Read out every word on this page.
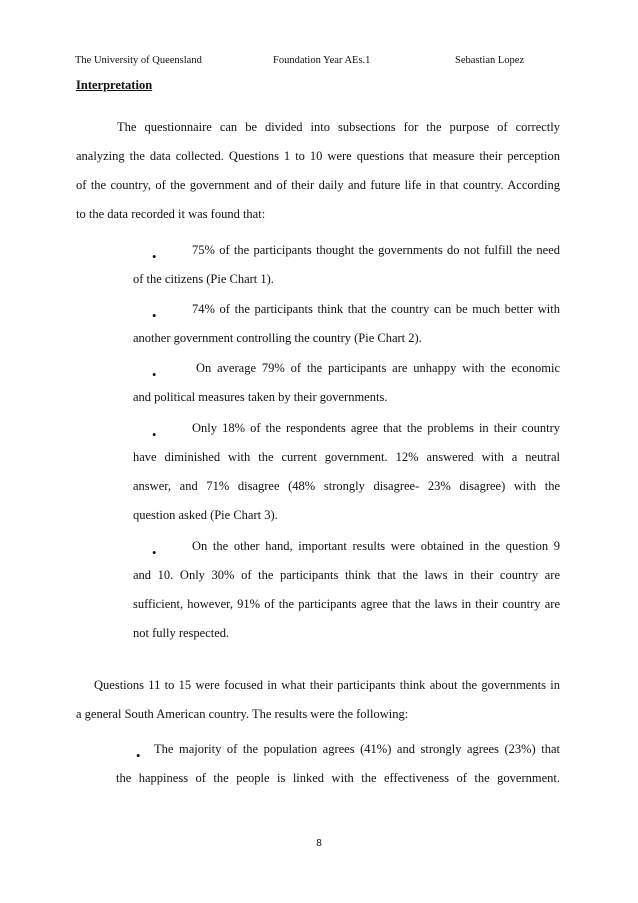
The University of Queensland	Foundation Year AEs.1	Sebastian Lopez
Interpretation
The questionnaire can be divided into subsections for the purpose of correctly
analyzing the data collected. Questions 1 to 10 were questions that measure their perception
of the country, of the government and of their daily and future life in that country. According
to the data recorded it was found that:
•	75% of the participants thought the governments do not fulfill the need
of the citizens (Pie Chart 1).
•	74% of the participants think that the country can be much better with
another government controlling the country (Pie Chart 2).
•	On average 79% of the participants are unhappy with the economic
and political measures taken by their governments.
•	Only 18% of the respondents agree that the problems in their country
have diminished with the current government. 12% answered with a neutral
answer, and 71% disagree (48% strongly disagree- 23% disagree) with the
question asked (Pie Chart 3).
•	On the other hand, important results were obtained in the question 9
and 10. Only 30% of the participants think that the laws in their country are
sufficient, however, 91% of the participants agree that the laws in their country are
not fully respected.
Questions 11 to 15 were focused in what their participants think about the governments in
a general South American country. The results were the following:
• The majority of the population agrees (41%) and strongly agrees (23%) that
the happiness of the people is linked with the effectiveness of the government.
8
